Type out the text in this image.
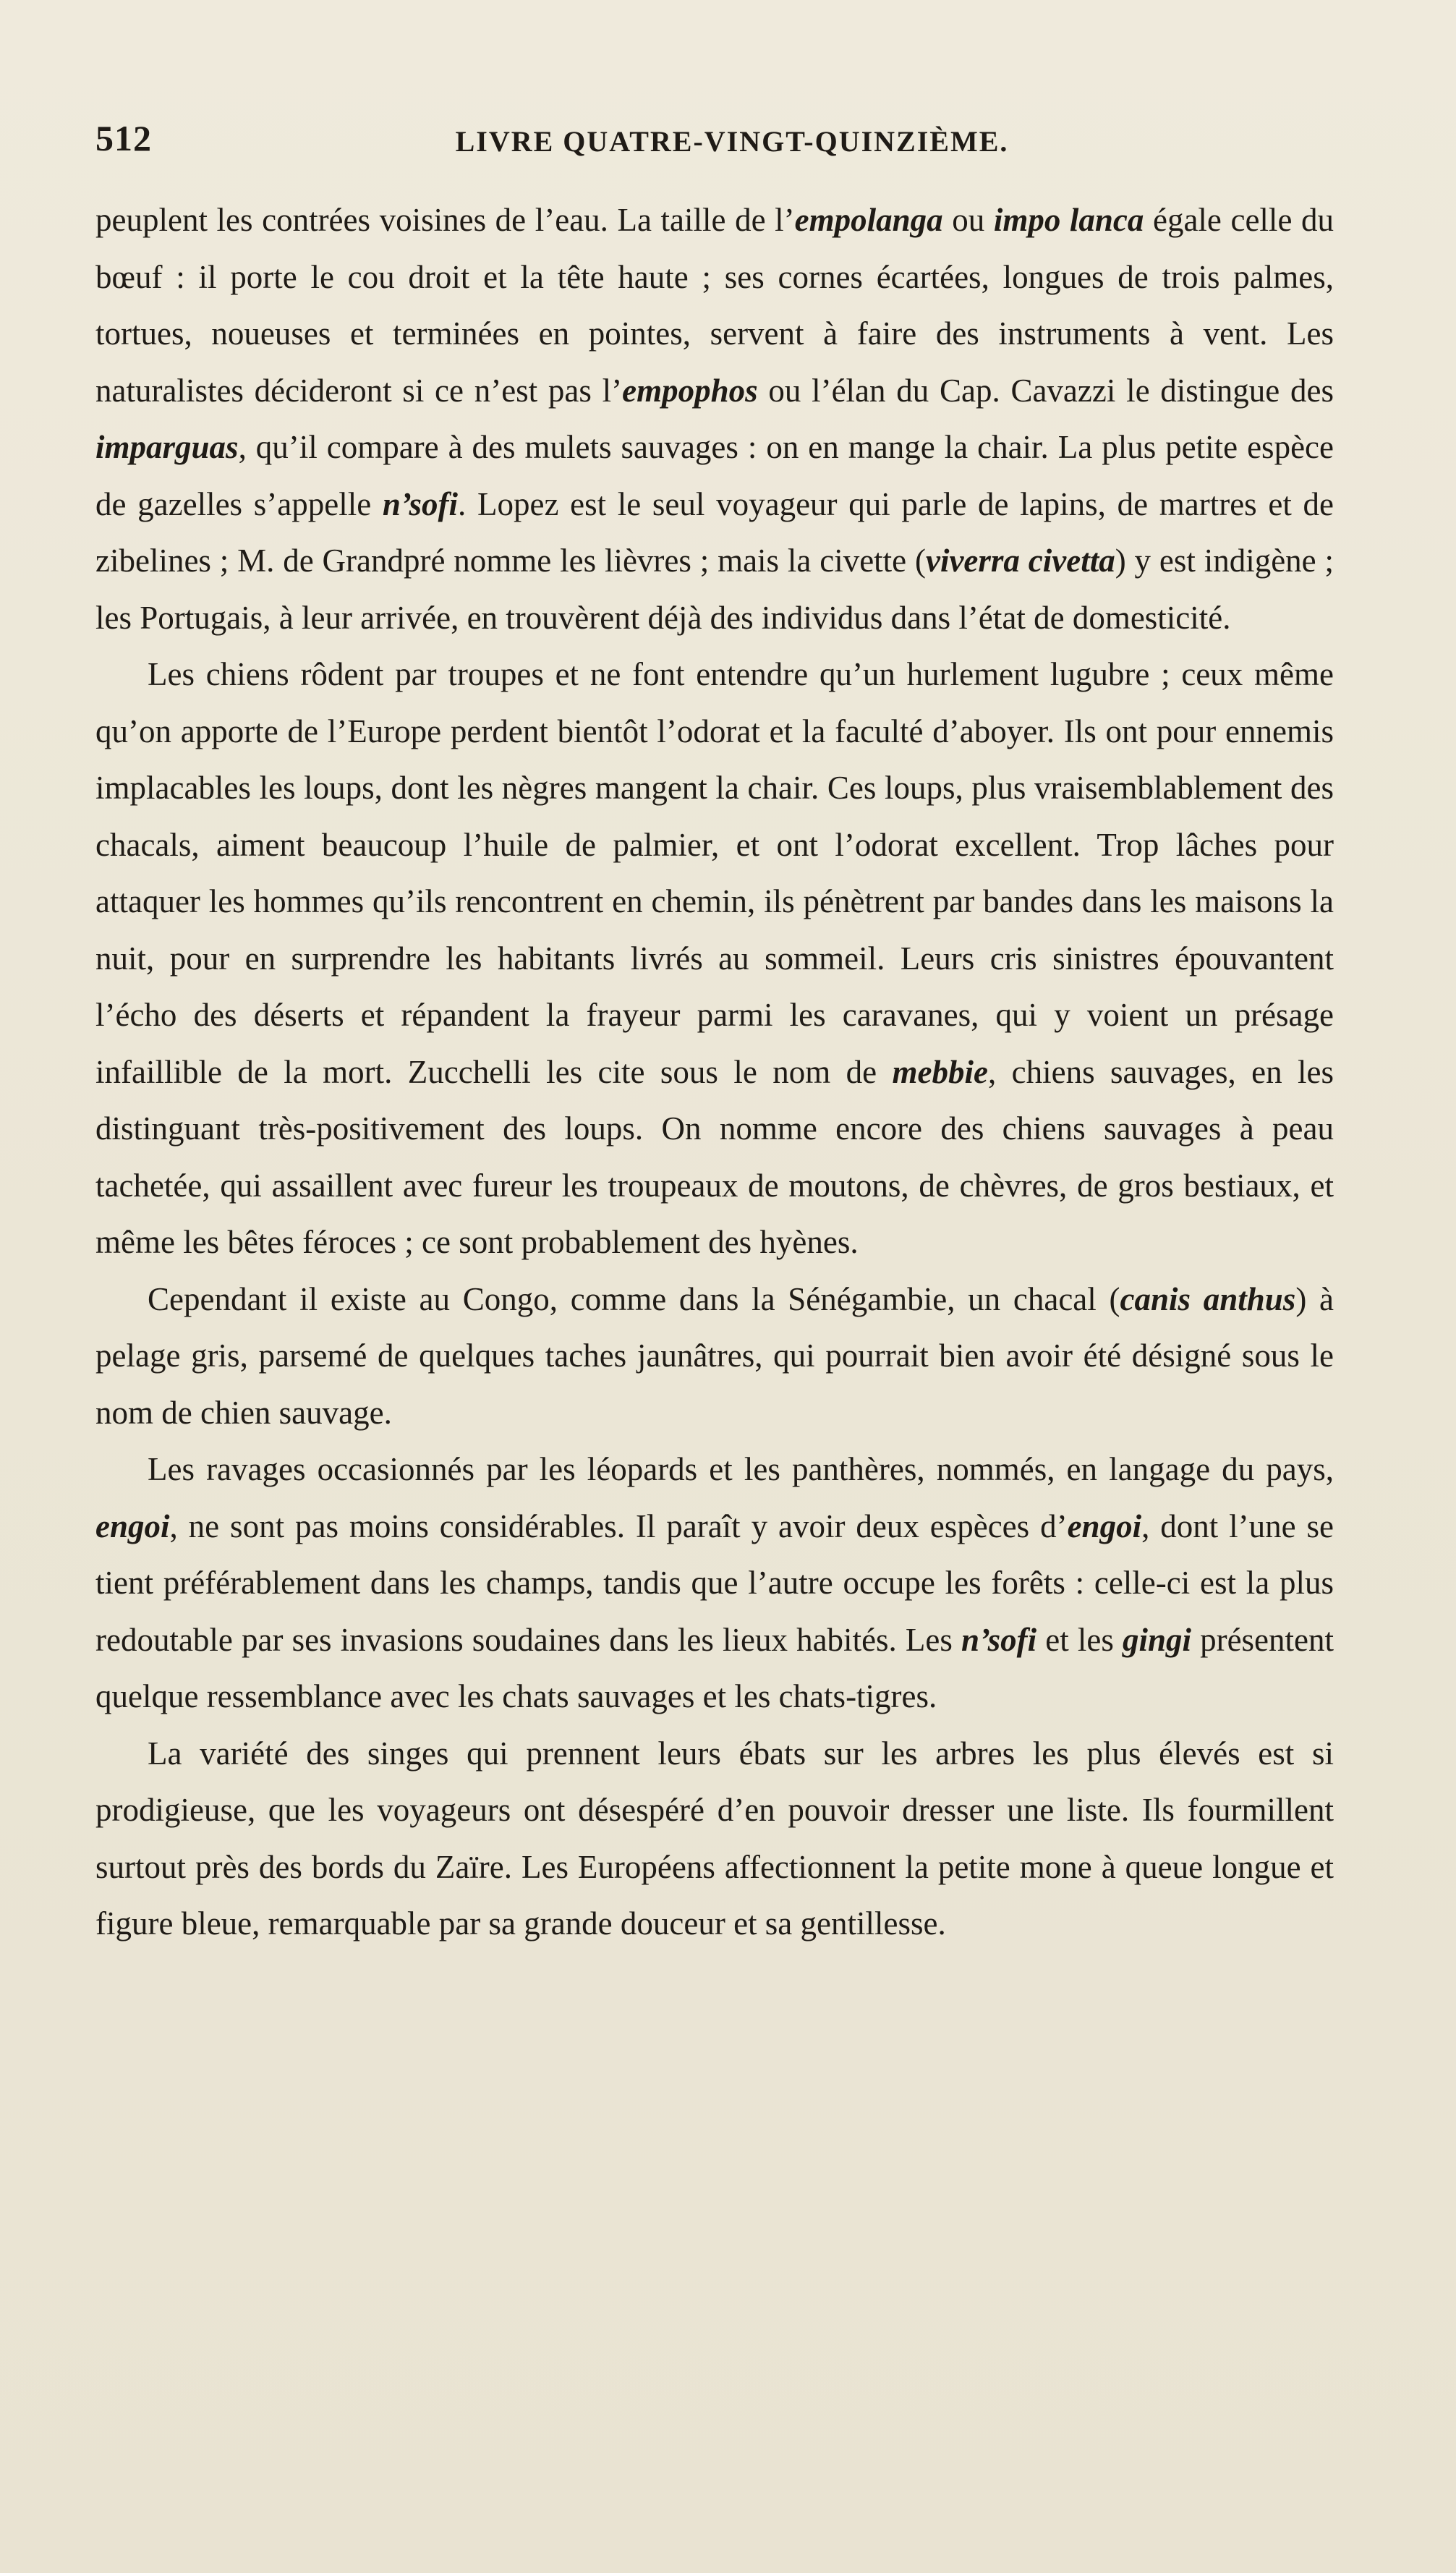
512	LIVRE QUATRE-VINGT-QUINZIÈME.

peuplent les contrées voisines de l’eau. La taille de l’empolanga ou impo lanca égale celle du bœuf : il porte le cou droit et la tête haute ; ses cornes écartées, longues de trois palmes, tortues, noueuses et terminées en pointes, servent à faire des instruments à vent. Les naturalistes décideront si ce n’est pas l’empophos ou l’élan du Cap. Cavazzi le distingue des imparguas, qu’il compare à des mulets sauvages : on en mange la chair. La plus petite espèce de gazelles s’appelle n’sofi. Lopez est le seul voyageur qui parle de lapins, de martres et de zibelines ; M. de Grandpré nomme les lièvres ; mais la civette (viverra civetta) y est indigène ; les Portugais, à leur arrivée, en trouvèrent déjà des individus dans l’état de domesticité.

Les chiens rôdent par troupes et ne font entendre qu’un hurlement lugubre ; ceux même qu’on apporte de l’Europe perdent bientôt l’odorat et la faculté d’aboyer. Ils ont pour ennemis implacables les loups, dont les nègres mangent la chair. Ces loups, plus vraisemblablement des chacals, aiment beaucoup l’huile de palmier, et ont l’odorat excellent. Trop lâches pour attaquer les hommes qu’ils rencontrent en chemin, ils pénètrent par bandes dans les maisons la nuit, pour en surprendre les habitants livrés au sommeil. Leurs cris sinistres épouvantent l’écho des déserts et répandent la frayeur parmi les caravanes, qui y voient un présage infaillible de la mort. Zucchelli les cite sous le nom de mebbie, chiens sauvages, en les distinguant très-positivement des loups. On nomme encore des chiens sauvages à peau tachetée, qui assaillent avec fureur les troupeaux de moutons, de chèvres, de gros bestiaux, et même les bêtes féroces ; ce sont probablement des hyènes.

Cependant il existe au Congo, comme dans la Sénégambie, un chacal (canis anthus) à pelage gris, parsemé de quelques taches jaunâtres, qui pourrait bien avoir été désigné sous le nom de chien sauvage.

Les ravages occasionnés par les léopards et les panthères, nommés, en langage du pays, engoi, ne sont pas moins considérables. Il paraît y avoir deux espèces d’engoi, dont l’une se tient préférablement dans les champs, tandis que l’autre occupe les forêts : celle-ci est la plus redoutable par ses invasions soudaines dans les lieux habités. Les n’sofi et les gingi présentent quelque ressemblance avec les chats sauvages et les chats-tigres.

La variété des singes qui prennent leurs ébats sur les arbres les plus élevés est si prodigieuse, que les voyageurs ont désespéré d’en pouvoir dresser une liste. Ils fourmillent surtout près des bords du Zaïre. Les Européens affectionnent la petite mone à queue longue et figure bleue, remarquable par sa grande douceur et sa gentillesse.
